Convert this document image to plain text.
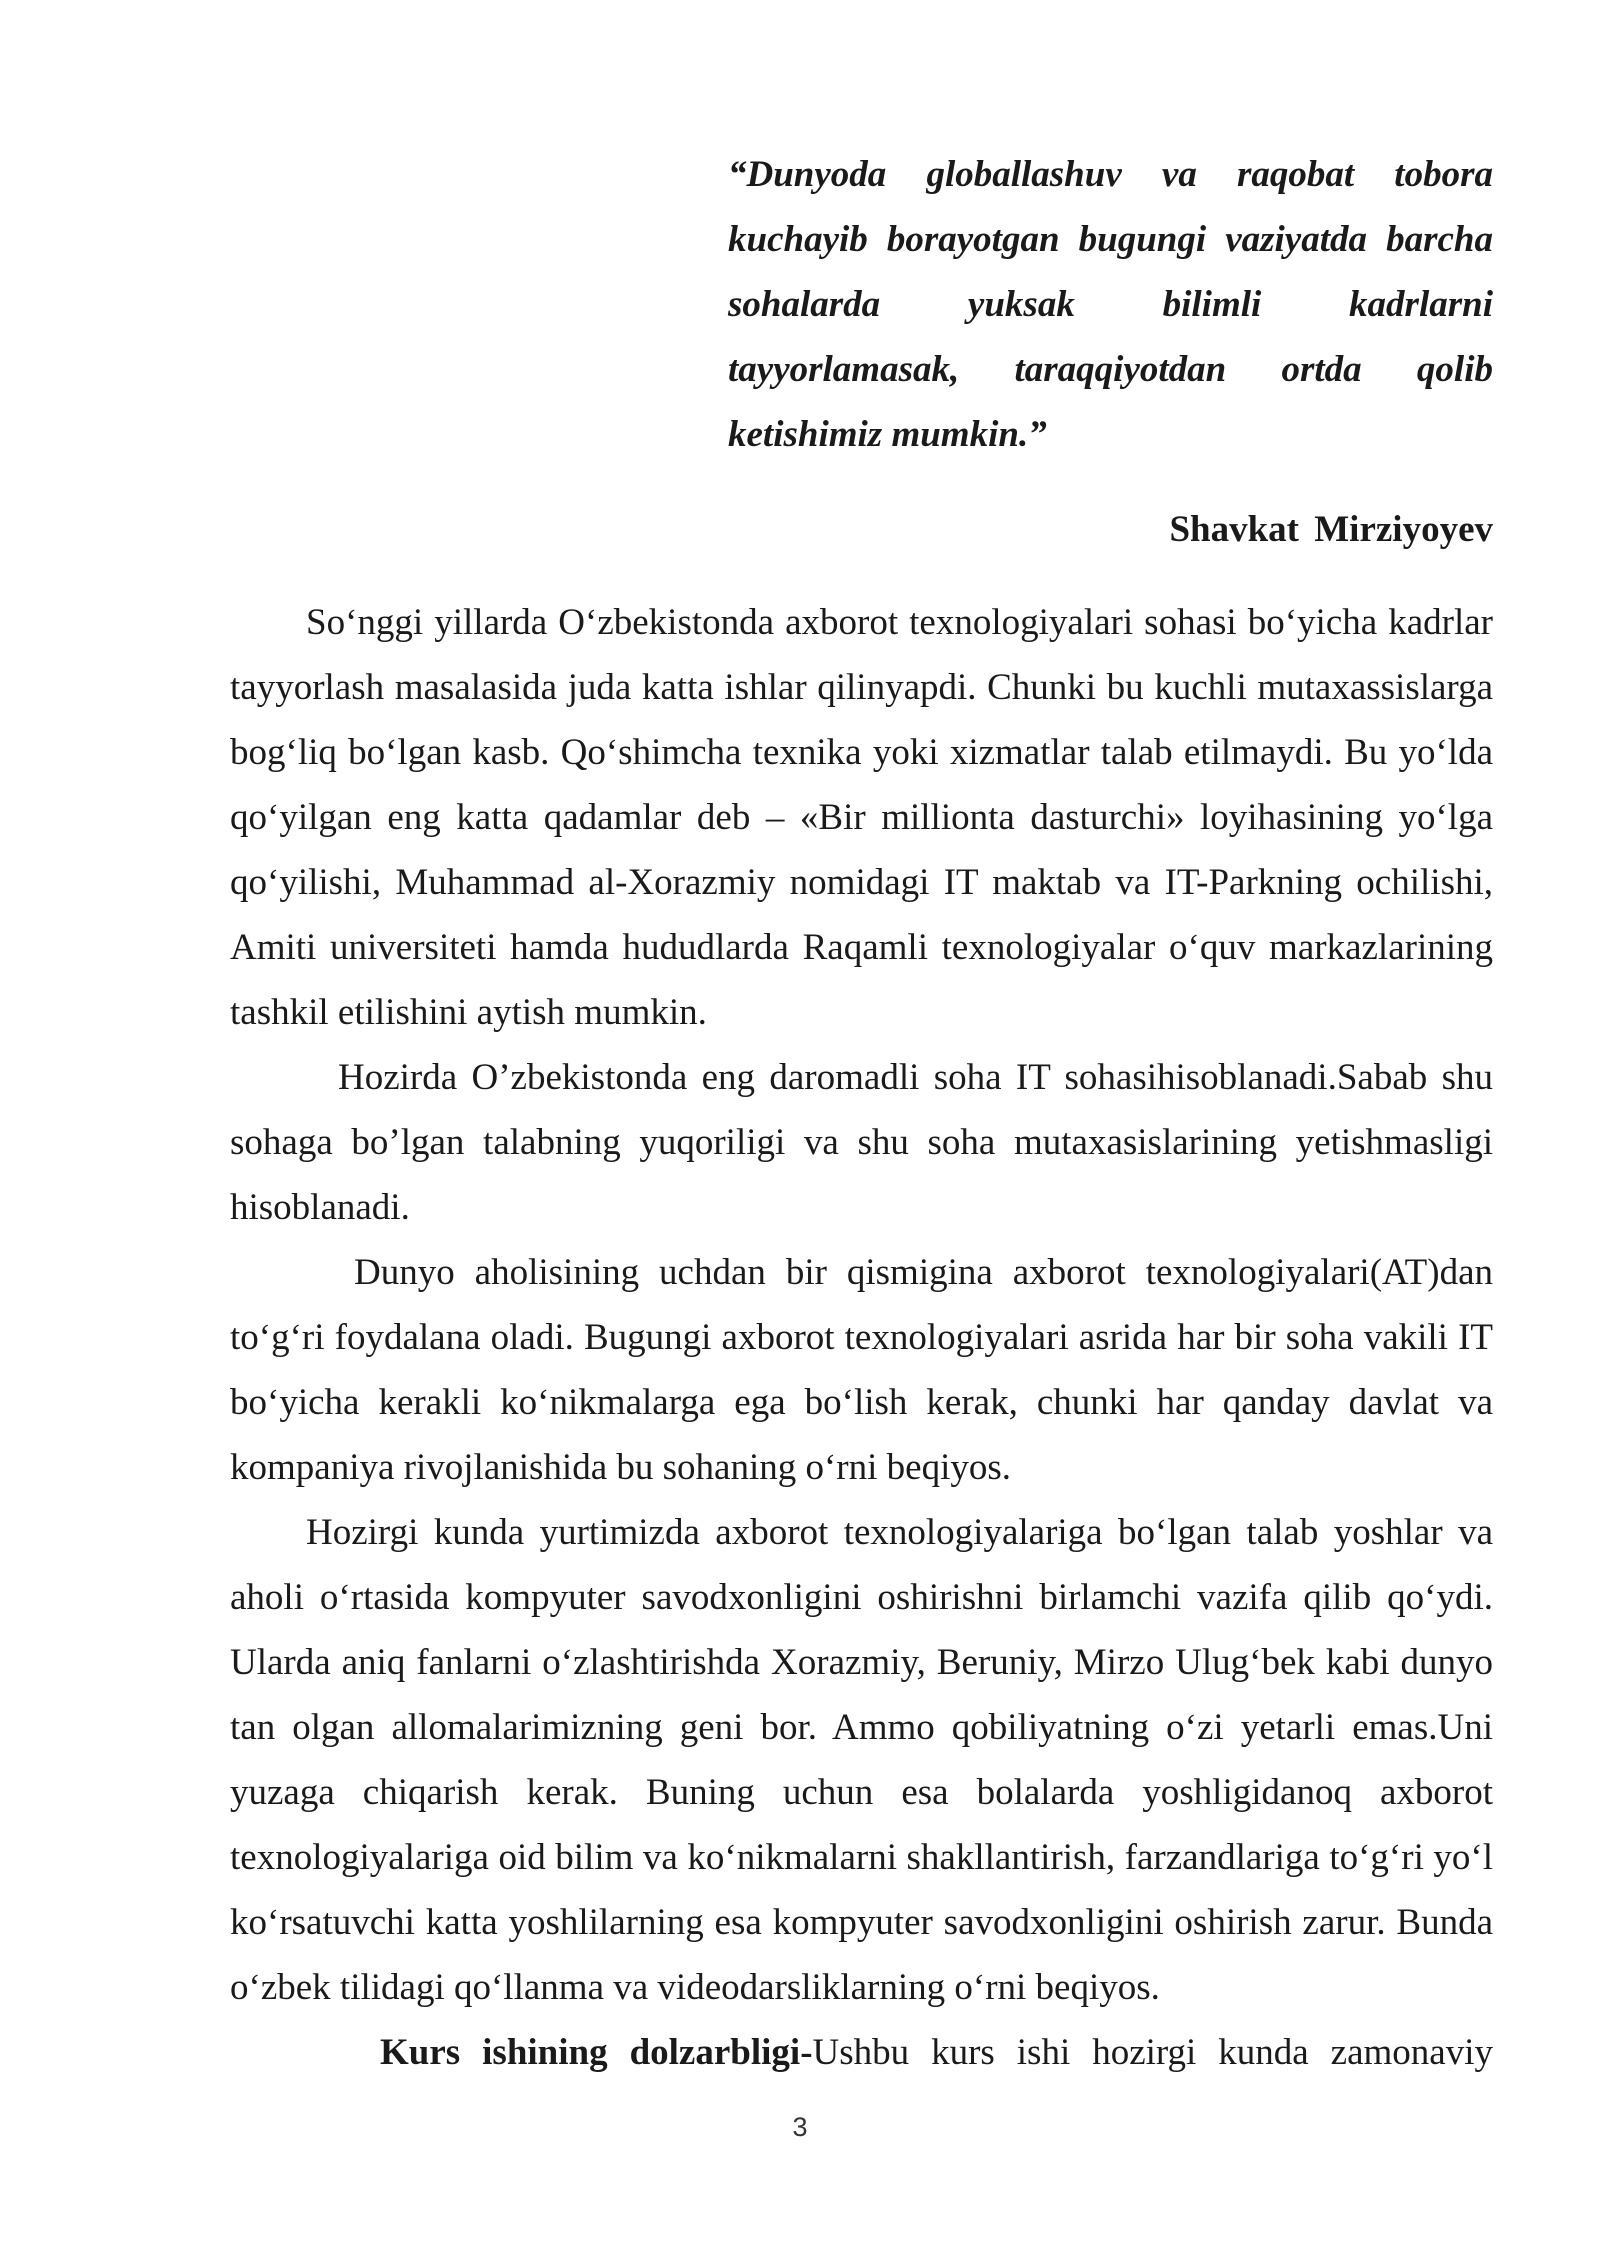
“Dunyoda globallashuv va raqobat tobora kuchayib borayotgan bugungi vaziyatda barcha sohalarda yuksak bilimli kadrlarni tayyorlamasak, taraqqiyotdan ortda qolib ketishimiz mumkin.”

Shavkat Mirziyoyev

So‘nggi yillarda O‘zbekistonda axborot texnologiyalari sohasi bo‘yicha kadrlar tayyorlash masalasida juda katta ishlar qilinyapdi. Chunki bu kuchli mutaxassislarga bog‘liq bo‘lgan kasb. Qo‘shimcha texnika yoki xizmatlar talab etilmaydi. Bu yo‘lda qo‘yilgan eng katta qadamlar deb – «Bir millionta dasturchi» loyihasining yo‘lga qo‘yilishi, Muhammad al-Xorazmiy nomidagi IT maktab va IT-Parkning ochilishi, Amiti universiteti hamda hududlarda Raqamli texnologiyalar o‘quv markazlarining tashkil etilishini aytish mumkin.

Hozirda O’zbekistonda eng daromadli soha IT sohasihisoblanadi.Sabab shu sohaga bo’lgan talabning yuqoriligi va shu soha mutaxasislarining yetishmasligi hisoblanadi.

Dunyo aholisining uchdan bir qismigina axborot texnologiyalari(AT)dan to‘g‘ri foydalana oladi. Bugungi axborot texnologiyalari asrida har bir soha vakili IT bo‘yicha kerakli ko‘nikmalarga ega bo‘lish kerak, chunki har qanday davlat va kompaniya rivojlanishida bu sohaning o‘rni beqiyos.

Hozirgi kunda yurtimizda axborot texnologiyalariga bo‘lgan talab yoshlar va aholi o‘rtasida kompyuter savodxonligini oshirishni birlamchi vazifa qilib qo‘ydi. Ularda aniq fanlarni o‘zlashtirishda Xorazmiy, Beruniy, Mirzo Ulug‘bek kabi dunyo tan olgan allomalarimizning geni bor. Ammo qobiliyatning o‘zi yetarli emas.Uni yuzaga chiqarish kerak. Buning uchun esa bolalarda yoshligidanoq axborot texnologiyalariga oid bilim va ko‘nikmalarni shakllantirish, farzandlariga to‘g‘ri yo‘l ko‘rsatuvchi katta yoshlilarning esa kompyuter savodxonligini oshirish zarur. Bunda o‘zbek tilidagi qo‘llanma va videodarsliklarning o‘rni beqiyos.

Kurs ishining dolzarbligi-Ushbu kurs ishi hozirgi kunda zamonaviy

3
